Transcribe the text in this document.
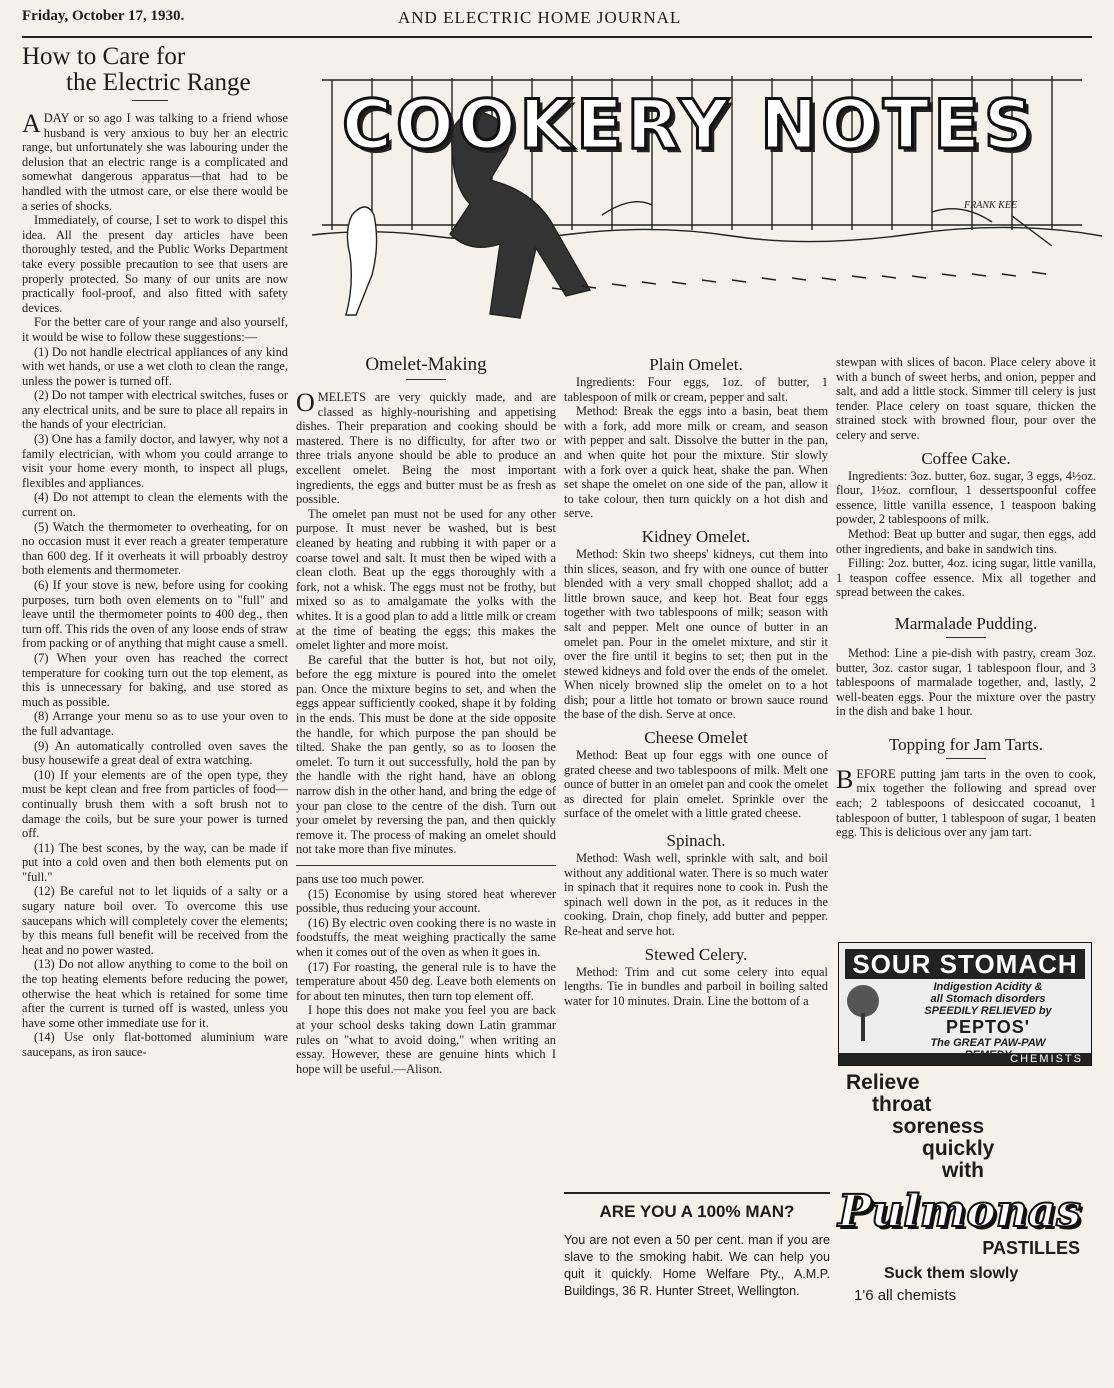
Friday, October 17, 1930.	AND ELECTRIC HOME JOURNAL
How to Care for
the Electric Range

ADAY or so ago I was talking to a friend whose husband is very anxious to buy her an electric range, but unfortunately she was labouring under the delusion that an electric range is a complicated and somewhat dangerous apparatus—that had to be handled with the utmost care, or else there would be a series of shocks.

Immediately, of course, I set to work to dispel this idea. All the present day articles have been thoroughly tested, and the Public Works Department take every possible precaution to see that users are properly protected. So many of our units are now practically fool-proof, and also fitted with safety devices.

For the better care of your range and also yourself, it would be wise to follow these suggestions:—

(1) Do not handle electrical appliances of any kind with wet hands, or use a wet cloth to clean the range, unless the power is turned off.

(2) Do not tamper with electrical switches, fuses or any electrical units, and be sure to place all repairs in the hands of your electrician.

(3) One has a family doctor, and lawyer, why not a family electrician, with whom you could arrange to visit your home every month, to inspect all plugs, flexibles and appliances.

(4) Do not attempt to clean the elements with the current on.

(5) Watch the thermometer to overheating, for on no occasion must it ever reach a greater temperature than 600 deg. If it overheats it will prboably destroy both elements and thermometer.

(6) If your stove is new, before using for cooking purposes, turn both oven elements on to "full" and leave until the thermometer points to 400 deg., then turn off. This rids the oven of any loose ends of straw from packing or of anything that might cause a smell.

(7) When your oven has reached the correct temperature for cooking turn out the top element, as this is unnecessary for baking, and use stored as much as possible.

(8) Arrange your menu so as to use your oven to the full advantage.

(9) An automatically controlled oven saves the busy housewife a great deal of extra watching.

(10) If your elements are of the open type, they must be kept clean and free from particles of food—continually brush them with a soft brush not to damage the coils, but be sure your power is turned off.

(11) The best scones, by the way, can be made if put into a cold oven and then both elements put on "full."

(12) Be careful not to let liquids of a salty or a sugary nature boil over. To overcome this use saucepans which will completely cover the elements; by this means full benefit will be received from the heat and no power wasted.

(13) Do not allow anything to come to the boil on the top heating elements before reducing the power, otherwise the heat which is retained for some time after the current is turned off is wasted, unless you have some other immediate use for it.

(14) Use only flat-bottomed aluminium ware saucepans, as iron sauce-

COOKERY NOTES
FRANK KEE
Omelet-Making

OMELETS are very quickly made, and are classed as highly-nourishing and appetising dishes. Their preparation and cooking should be mastered. There is no difficulty, for after two or three trials anyone should be able to produce an excellent omelet. Being the most important ingredients, the eggs and butter must be as fresh as possible.

The omelet pan must not be used for any other purpose. It must never be washed, but is best cleaned by heating and rubbing it with paper or a coarse towel and salt. It must then be wiped with a clean cloth. Beat up the eggs thoroughly with a fork, not a whisk. The eggs must not be frothy, but mixed so as to amalgamate the yolks with the whites. It is a good plan to add a little milk or cream at the time of beating the eggs; this makes the omelet lighter and more moist.

Be careful that the butter is hot, but not oily, before the egg mixture is poured into the omelet pan. Once the mixture begins to set, and when the eggs appear sufficiently cooked, shape it by folding in the ends. This must be done at the side opposite the handle, for which purpose the pan should be tilted. Shake the pan gently, so as to loosen the omelet. To turn it out successfully, hold the pan by the handle with the right hand, have an oblong narrow dish in the other hand, and bring the edge of your pan close to the centre of the dish. Turn out your omelet by reversing the pan, and then quickly remove it. The process of making an omelet should not take more than five minutes.

pans use too much power.

(15) Economise by using stored heat wherever possible, thus reducing your account.

(16) By electric oven cooking there is no waste in foodstuffs, the meat weighing practically the same when it comes out of the oven as when it goes in.

(17) For roasting, the general rule is to have the temperature about 450 deg. Leave both elements on for about ten minutes, then turn top element off.

I hope this does not make you feel you are back at your school desks taking down Latin grammar rules on "what to avoid doing," when writing an essay. However, these are genuine hints which I hope will be useful.—Alison.

Plain Omelet.

Ingredients: Four eggs, 1oz. of butter, 1 tablespoon of milk or cream, pepper and salt.

Method: Break the eggs into a basin, beat them with a fork, add more milk or cream, and season with pepper and salt. Dissolve the butter in the pan, and when quite hot pour the mixture. Stir slowly with a fork over a quick heat, shake the pan. When set shape the omelet on one side of the pan, allow it to take colour, then turn quickly on a hot dish and serve.

Kidney Omelet.

Method: Skin two sheeps' kidneys, cut them into thin slices, season, and fry with one ounce of butter blended with a very small chopped shallot; add a little brown sauce, and keep hot. Beat four eggs together with two tablespoons of milk; season with salt and pepper. Melt one ounce of butter in an omelet pan. Pour in the omelet mixture, and stir it over the fire until it begins to set; then put in the stewed kidneys and fold over the ends of the omelet. When nicely browned slip the omelet on to a hot dish; pour a little hot tomato or brown sauce round the base of the dish. Serve at once.

Cheese Omelet

Method: Beat up four eggs with one ounce of grated cheese and two tablespoons of milk. Melt one ounce of butter in an omelet pan and cook the omelet as directed for plain omelet. Sprinkle over the surface of the omelet with a little grated cheese.

Spinach.

Method: Wash well, sprinkle with salt, and boil without any additional water. There is so much water in spinach that it requires none to cook in. Push the spinach well down in the pot, as it reduces in the cooking. Drain, chop finely, add butter and pepper. Re-heat and serve hot.

Stewed Celery.

Method: Trim and cut some celery into equal lengths. Tie in bundles and parboil in boiling salted water for 10 minutes. Drain. Line the bottom of a

ARE YOU A 100% MAN?

You are not even a 50 per cent. man if you are slave to the smoking habit. We can help you quit it quickly. Home Welfare Pty., A.M.P. Buildings, 36 R. Hunter Street, Wellington.

stewpan with slices of bacon. Place celery above it with a bunch of sweet herbs, and onion, pepper and salt, and add a little stock. Simmer till celery is just tender. Place celery on toast square, thicken the strained stock with browned flour, pour over the celery and serve.

Coffee Cake.

Ingredients: 3oz. butter, 6oz. sugar, 3 eggs, 4½oz. flour, 1½oz. cornflour, 1 dessertspoonful coffee essence, little vanilla essence, 1 teaspoon baking powder, 2 tablespoons of milk.

Method: Beat up butter and sugar, then eggs, add other ingredients, and bake in sandwich tins.

Filling: 2oz. butter, 4oz. icing sugar, little vanilla, 1 teaspon coffee essence. Mix all together and spread between the cakes.

Marmalade Pudding.

Method: Line a pie-dish with pastry, cream 3oz. butter, 3oz. castor sugar, 1 tablespoon flour, and 3 tablespoons of marmalade together, and, lastly, 2 well-beaten eggs. Pour the mixture over the pastry in the dish and bake 1 hour.

Topping for Jam Tarts.

BEFORE putting jam tarts in the oven to cook, mix together the following and spread over each; 2 tablespoons of desiccated cocoanut, 1 tablespoon of butter, 1 tablespoon of sugar, 1 beaten egg. This is delicious over any jam tart.

SOUR STOMACH
Indigestion Acidity &
all Stomach disorders
SPEEDILY RELIEVED by
PEPTOS'
The GREAT PAW-PAW
CHEMISTS
Relieve
throat
soreness
quickly
with
Pulmonas
PASTILLES
Suck them slowly
1'6 all chemists
